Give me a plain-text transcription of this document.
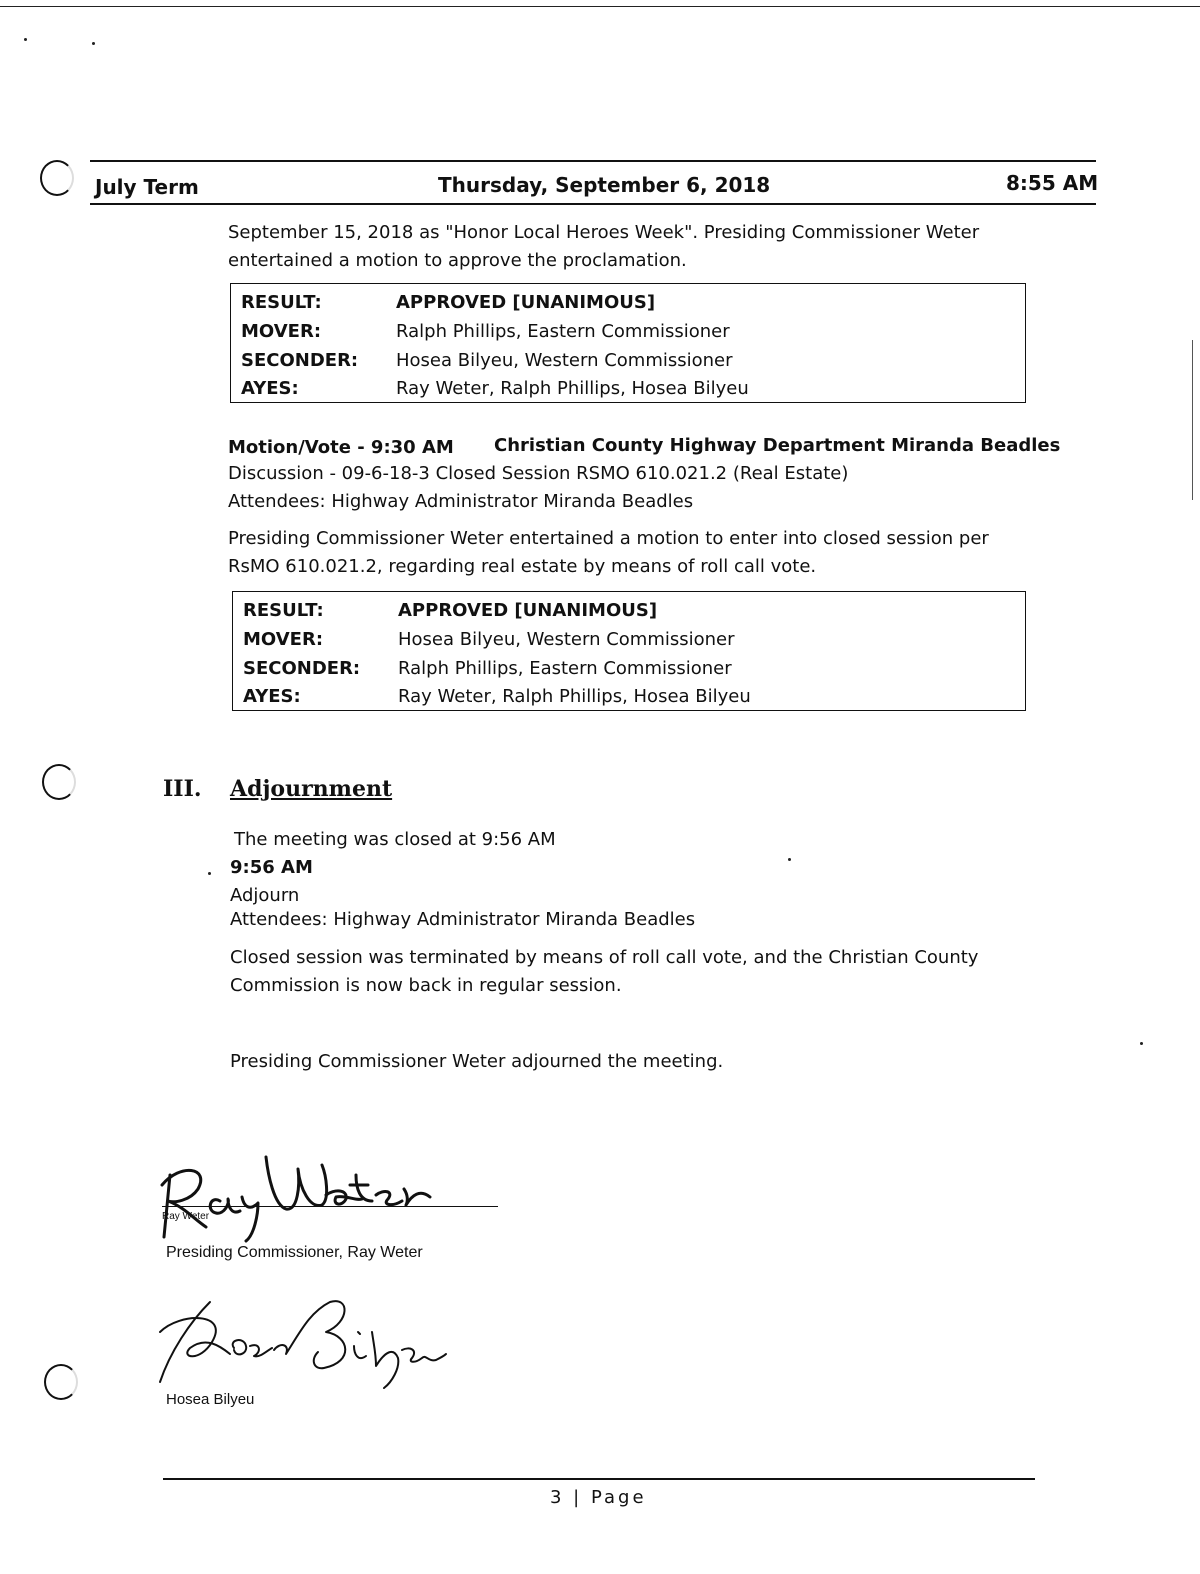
July Term	Thursday, September 6, 2018	8:55 AM
September 15, 2018 as "Honor Local Heroes Week". Presiding Commissioner Weter
entertained a motion to approve the proclamation.
RESULT:	APPROVED [UNANIMOUS]
MOVER:	Ralph Phillips, Eastern Commissioner
SECONDER: Hosea Bilyeu, Western Commissioner
AYES:	Ray Weter, Ralph Phillips, Hosea Bilyeu
Motion/Vote - 9:30 AM Christian County Highway Department Miranda Beadles
Discussion - 09-6-18-3 Closed Session RSMO 610.021.2 (Real Estate)
Attendees: Highway Administrator Miranda Beadles
Presiding Commissioner Weter entertained a motion to enter into closed session per
RsMO 610.021.2, regarding real estate by means of roll call vote.
RESULT:	APPROVED [UNANIMOUS]
MOVER:	Hosea Bilyeu, Western Commissioner
SECONDER: Ralph Phillips, Eastern Commissioner
AYES:	Ray Weter, Ralph Phillips, Hosea Bilyeu
III. Adjournment
The meeting was closed at 9:56 AM
9:56 AM
Adjourn
Attendees: Highway Administrator Miranda Beadles
Closed session was terminated by means of roll call vote, and the Christian County
Commission is now back in regular session.
Presiding Commissioner Weter adjourned the meeting.
Ray Weter
Presiding Commissioner, Ray Weter
Hosea Bilyeu
3 | Page
